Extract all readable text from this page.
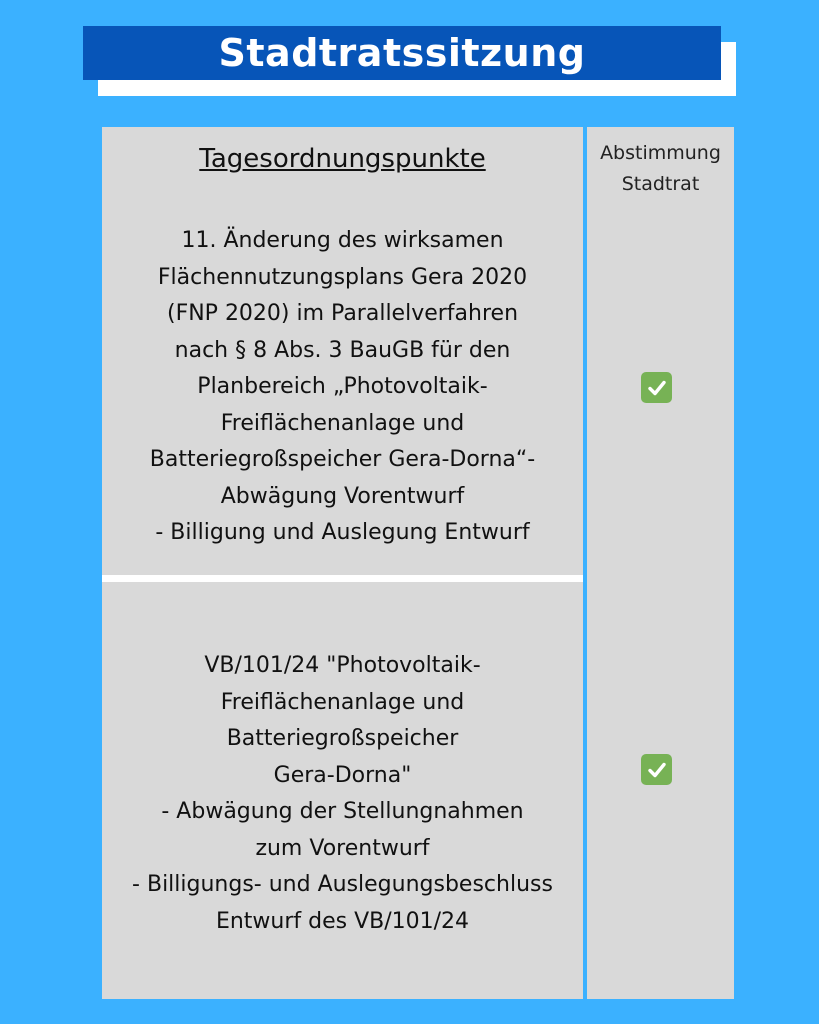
Stadtratssitzung
Tagesordnungspunkte	Abstimmung
Stadtrat
11. Änderung des wirksamen
Flächennutzungsplans Gera 2020
(FNP 2020) im Parallelverfahren
nach § 8 Abs. 3 BauGB für den
Planbereich „Photovoltaik-
Freiflächenanlage und
Batteriegroßspeicher Gera-Dorna“-
Abwägung Vorentwurf
- Billigung und Auslegung Entwurf
VB/101/24 "Photovoltaik-
Freiflächenanlage und
Batteriegroßspeicher
Gera-Dorna"
- Abwägung der Stellungnahmen
zum Vorentwurf
- Billigungs- und Auslegungsbeschluss
Entwurf des VB/101/24
